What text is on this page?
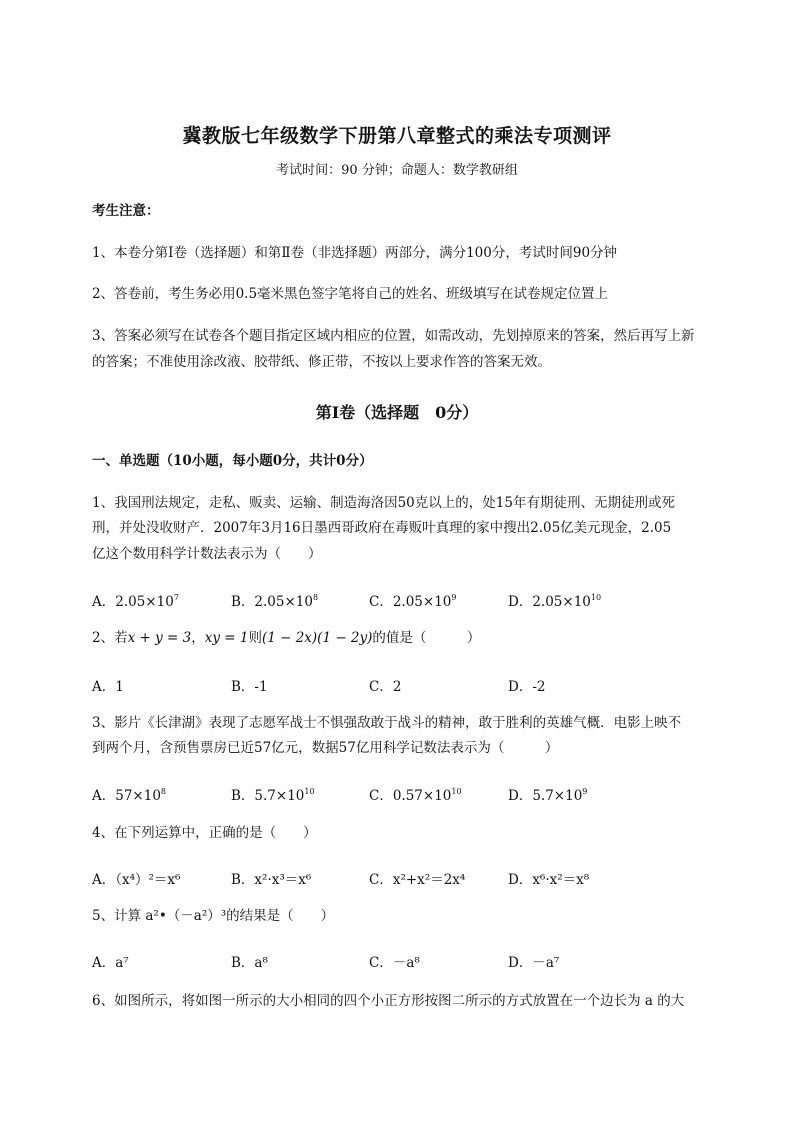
冀教版七年级数学下册第八章整式的乘法专项测评
考试时间：90 分钟；命题人：数学教研组
考生注意：
1、本卷分第Ⅰ卷（选择题）和第Ⅱ卷（非选择题）两部分，满分100分，考试时间90分钟
2、答卷前，考生务必用0.5毫米黑色签字笔将自己的姓名、班级填写在试卷规定位置上
3、答案必须写在试卷各个题目指定区域内相应的位置，如需改动，先划掉原来的答案，然后再写上新
的答案；不准使用涂改液、胶带纸、修正带，不按以上要求作答的答案无效。
第Ⅰ卷（选择题　0分）
一、单选题（10小题，每小题0分，共计0分）
1、我国刑法规定，走私、贩卖、运输、制造海洛因50克以上的，处15年有期徒刑、无期徒刑或死
刑，并处没收财产．2007年3月16日墨西哥政府在毒贩叶真理的家中搜出2.05亿美元现金，2.05
亿这个数用科学计数法表示为（　　）
A．$2.05\times 10^7$	B．$2.05\times 10^8$	C．$2.05\times 10^9$	D．$2.05\times 10^{10}$
2、若x + y = 3，xy = 1则(1 − 2x)(1 − 2y)的值是（　　　）
A．1	B．-1	C．2	D．-2
3、影片《长津湖》表现了志愿军战士不惧强敌敢于战斗的精神，敢于胜利的英雄气概．电影上映不
到两个月，含预售票房已近57亿元，数据57亿用科学记数法表示为（　　　）
A．$57\times 10^8$	B．$5.7\times 10^{10}$	C．$0.57\times 10^{10}$	D．$5.7\times 10^9$
4、在下列运算中，正确的是（　　）
A．（x⁴）²＝x⁶	B．x²·x³＝x⁶	C．x²+x²＝2x⁴	D．x⁶·x²＝x⁸
5、计算 a²•（－a²）³的结果是（　　）
A．a⁷	B．a⁸	C．－a⁸	D．－a⁷
6、如图所示，将如图一所示的大小相同的四个小正方形按图二所示的方式放置在一个边长为 a 的大
